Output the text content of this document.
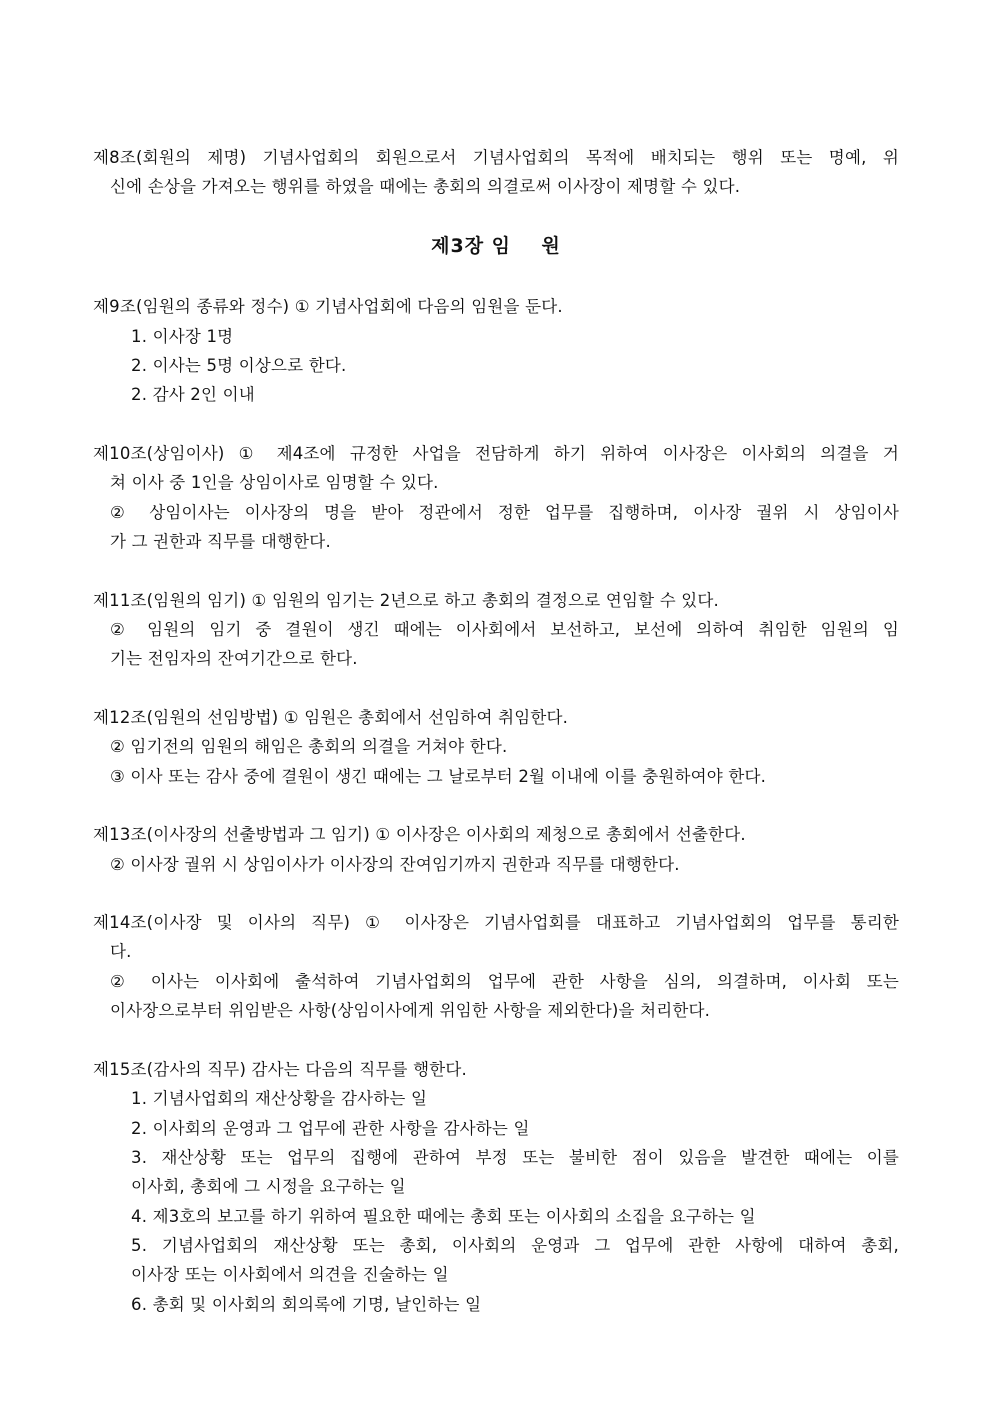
제8조(회원의 제명) 기념사업회의 회원으로서 기념사업회의 목적에 배치되는 행위 또는 명예, 위
신에 손상을 가져오는 행위를 하였을 때에는 총회의 의결로써 이사장이 제명할 수 있다.
제3장 임    원
제9조(임원의 종류와 정수) ① 기념사업회에 다음의 임원을 둔다.
1. 이사장 1명
2. 이사는 5명 이상으로 한다.
2. 감사 2인 이내
제10조(상임이사) ① 제4조에 규정한 사업을 전담하게 하기 위하여 이사장은 이사회의 의결을 거
쳐 이사 중 1인을 상임이사로 임명할 수 있다.
② 상임이사는 이사장의 명을 받아 정관에서 정한 업무를 집행하며, 이사장 궐위 시 상임이사
가 그 권한과 직무를 대행한다.
제11조(임원의 임기) ① 임원의 임기는 2년으로 하고 총회의 결정으로 연임할 수 있다.
② 임원의 임기 중 결원이 생긴 때에는 이사회에서 보선하고, 보선에 의하여 취임한 임원의 임
기는 전임자의 잔여기간으로 한다.
제12조(임원의 선임방법) ① 임원은 총회에서 선임하여 취임한다.
② 임기전의 임원의 해임은 총회의 의결을 거쳐야 한다.
③ 이사 또는 감사 중에 결원이 생긴 때에는 그 날로부터 2월 이내에 이를 충원하여야 한다.
제13조(이사장의 선출방법과 그 임기) ① 이사장은 이사회의 제청으로 총회에서 선출한다.
② 이사장 궐위 시 상임이사가 이사장의 잔여임기까지 권한과 직무를 대행한다.
제14조(이사장 및 이사의 직무) ① 이사장은 기념사업회를 대표하고 기념사업회의 업무를 통리한
다.
② 이사는 이사회에 출석하여 기념사업회의 업무에 관한 사항을 심의, 의결하며, 이사회 또는
이사장으로부터 위임받은 사항(상임이사에게 위임한 사항을 제외한다)을 처리한다.
제15조(감사의 직무) 감사는 다음의 직무를 행한다.
1. 기념사업회의 재산상황을 감사하는 일
2. 이사회의 운영과 그 업무에 관한 사항을 감사하는 일
3. 재산상황 또는 업무의 집행에 관하여 부정 또는 불비한 점이 있음을 발견한 때에는 이를
이사회, 총회에 그 시정을 요구하는 일
4. 제3호의 보고를 하기 위하여 필요한 때에는 총회 또는 이사회의 소집을 요구하는 일
5. 기념사업회의 재산상황 또는 총회, 이사회의 운영과 그 업무에 관한 사항에 대하여 총회,
이사장 또는 이사회에서 의견을 진술하는 일
6. 총회 및 이사회의 회의록에 기명, 날인하는 일
